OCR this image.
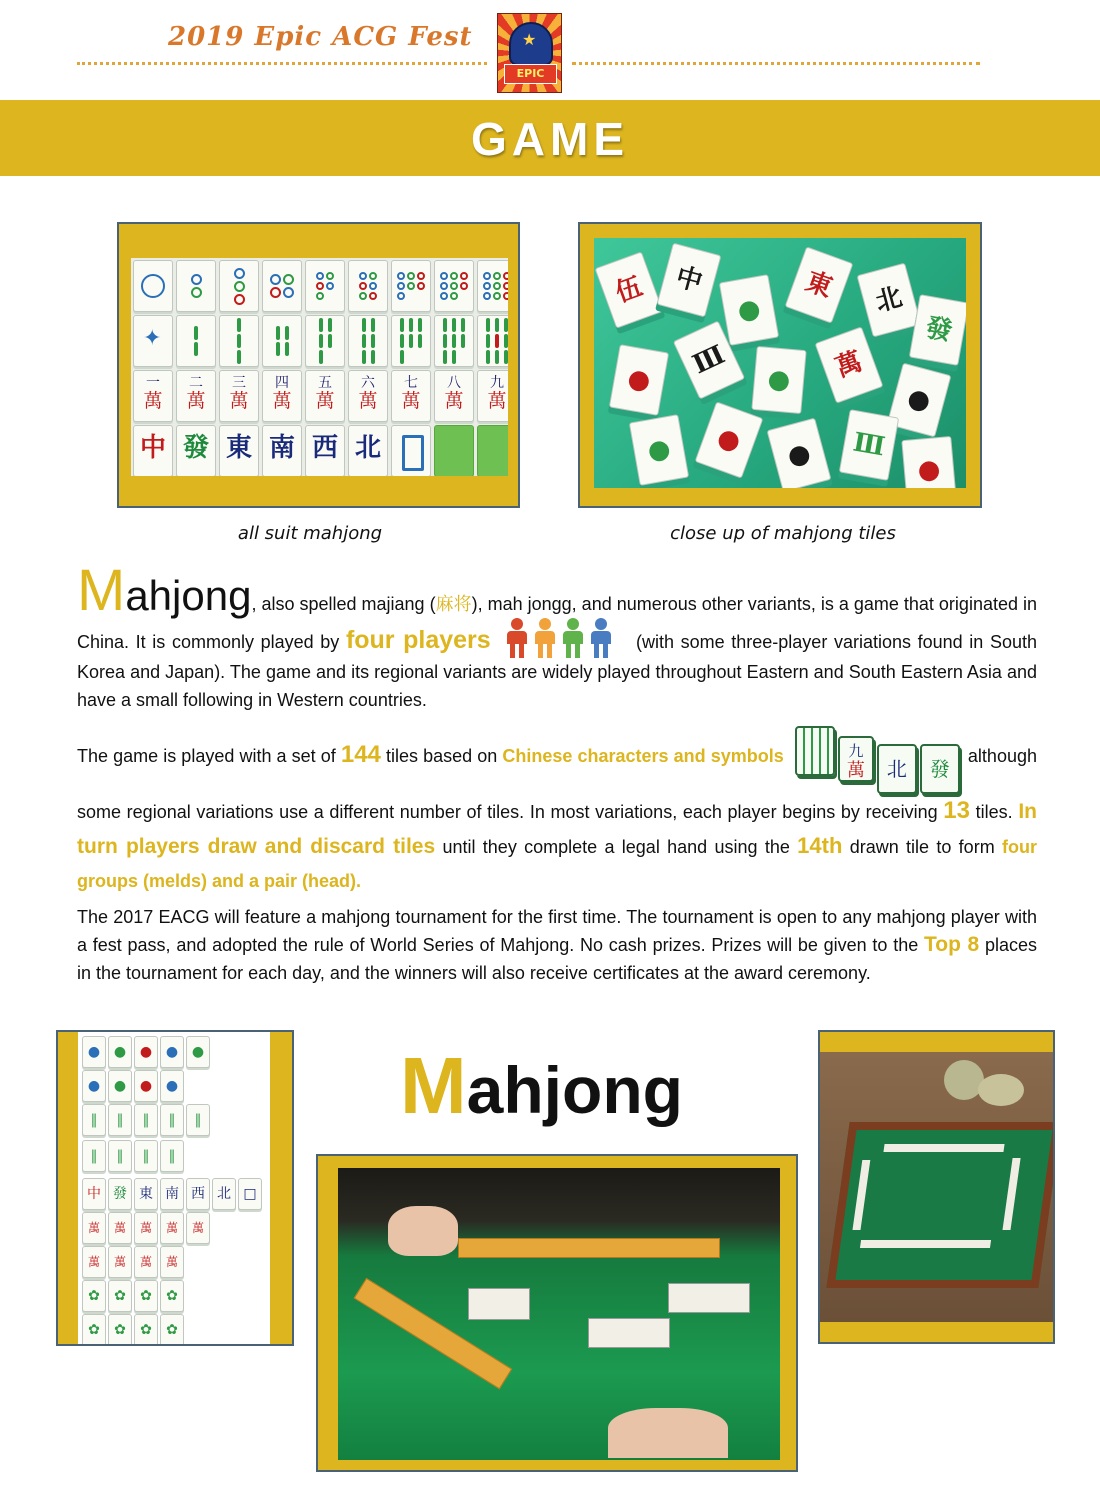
2019 Epic ACG Fest	★
EPIC
GAME
✦
一
萬
二
萬
三
萬
四
萬
五
萬
六
萬
七
萬
八
萬
九
萬
中 發 東 南 西 北
all suit mahjong
伍	中
●
東	北
發
●	Ⅲ	●	萬
●
●	●	●	Ⅲ
●
close up of mahjong tiles
Mahjong, also spelled majiang (麻将), mah jongg, and numerous other variants, is a game that originated in China. It is commonly played by four players	(with some three-player variations found in South Korea and Japan). The game and its regional variants are widely played throughout Eastern and South Eastern Asia and have a small following in Western countries.
The game is played with a set of 144 tiles based on Chinese characters and symbols	九
萬	北 發 although some regional variations use a different number of tiles. In most variations, each player begins by receiving 13 tiles. In turn players draw and discard tiles until they complete a legal hand using the 14th drawn tile to form four groups (melds) and a pair (head).
The 2017 EACG will feature a mahjong tournament for the first time. The tournament is open to any mahjong player with a fest pass, and adopted the rule of World Series of Mahjong. No cash prizes. Prizes will be given to the Top 8 places in the tournament for each day, and the winners will also receive certificates at the award ceremony.
● ● ● ● ●
● ● ● ●
‖	‖	‖	‖	‖
‖	‖	‖	‖
中 發 東 南 西 北 □
萬	萬	萬	萬	萬
萬	萬	萬	萬
✿	✿	✿	✿
✿	✿	✿	✿
Mahjong
